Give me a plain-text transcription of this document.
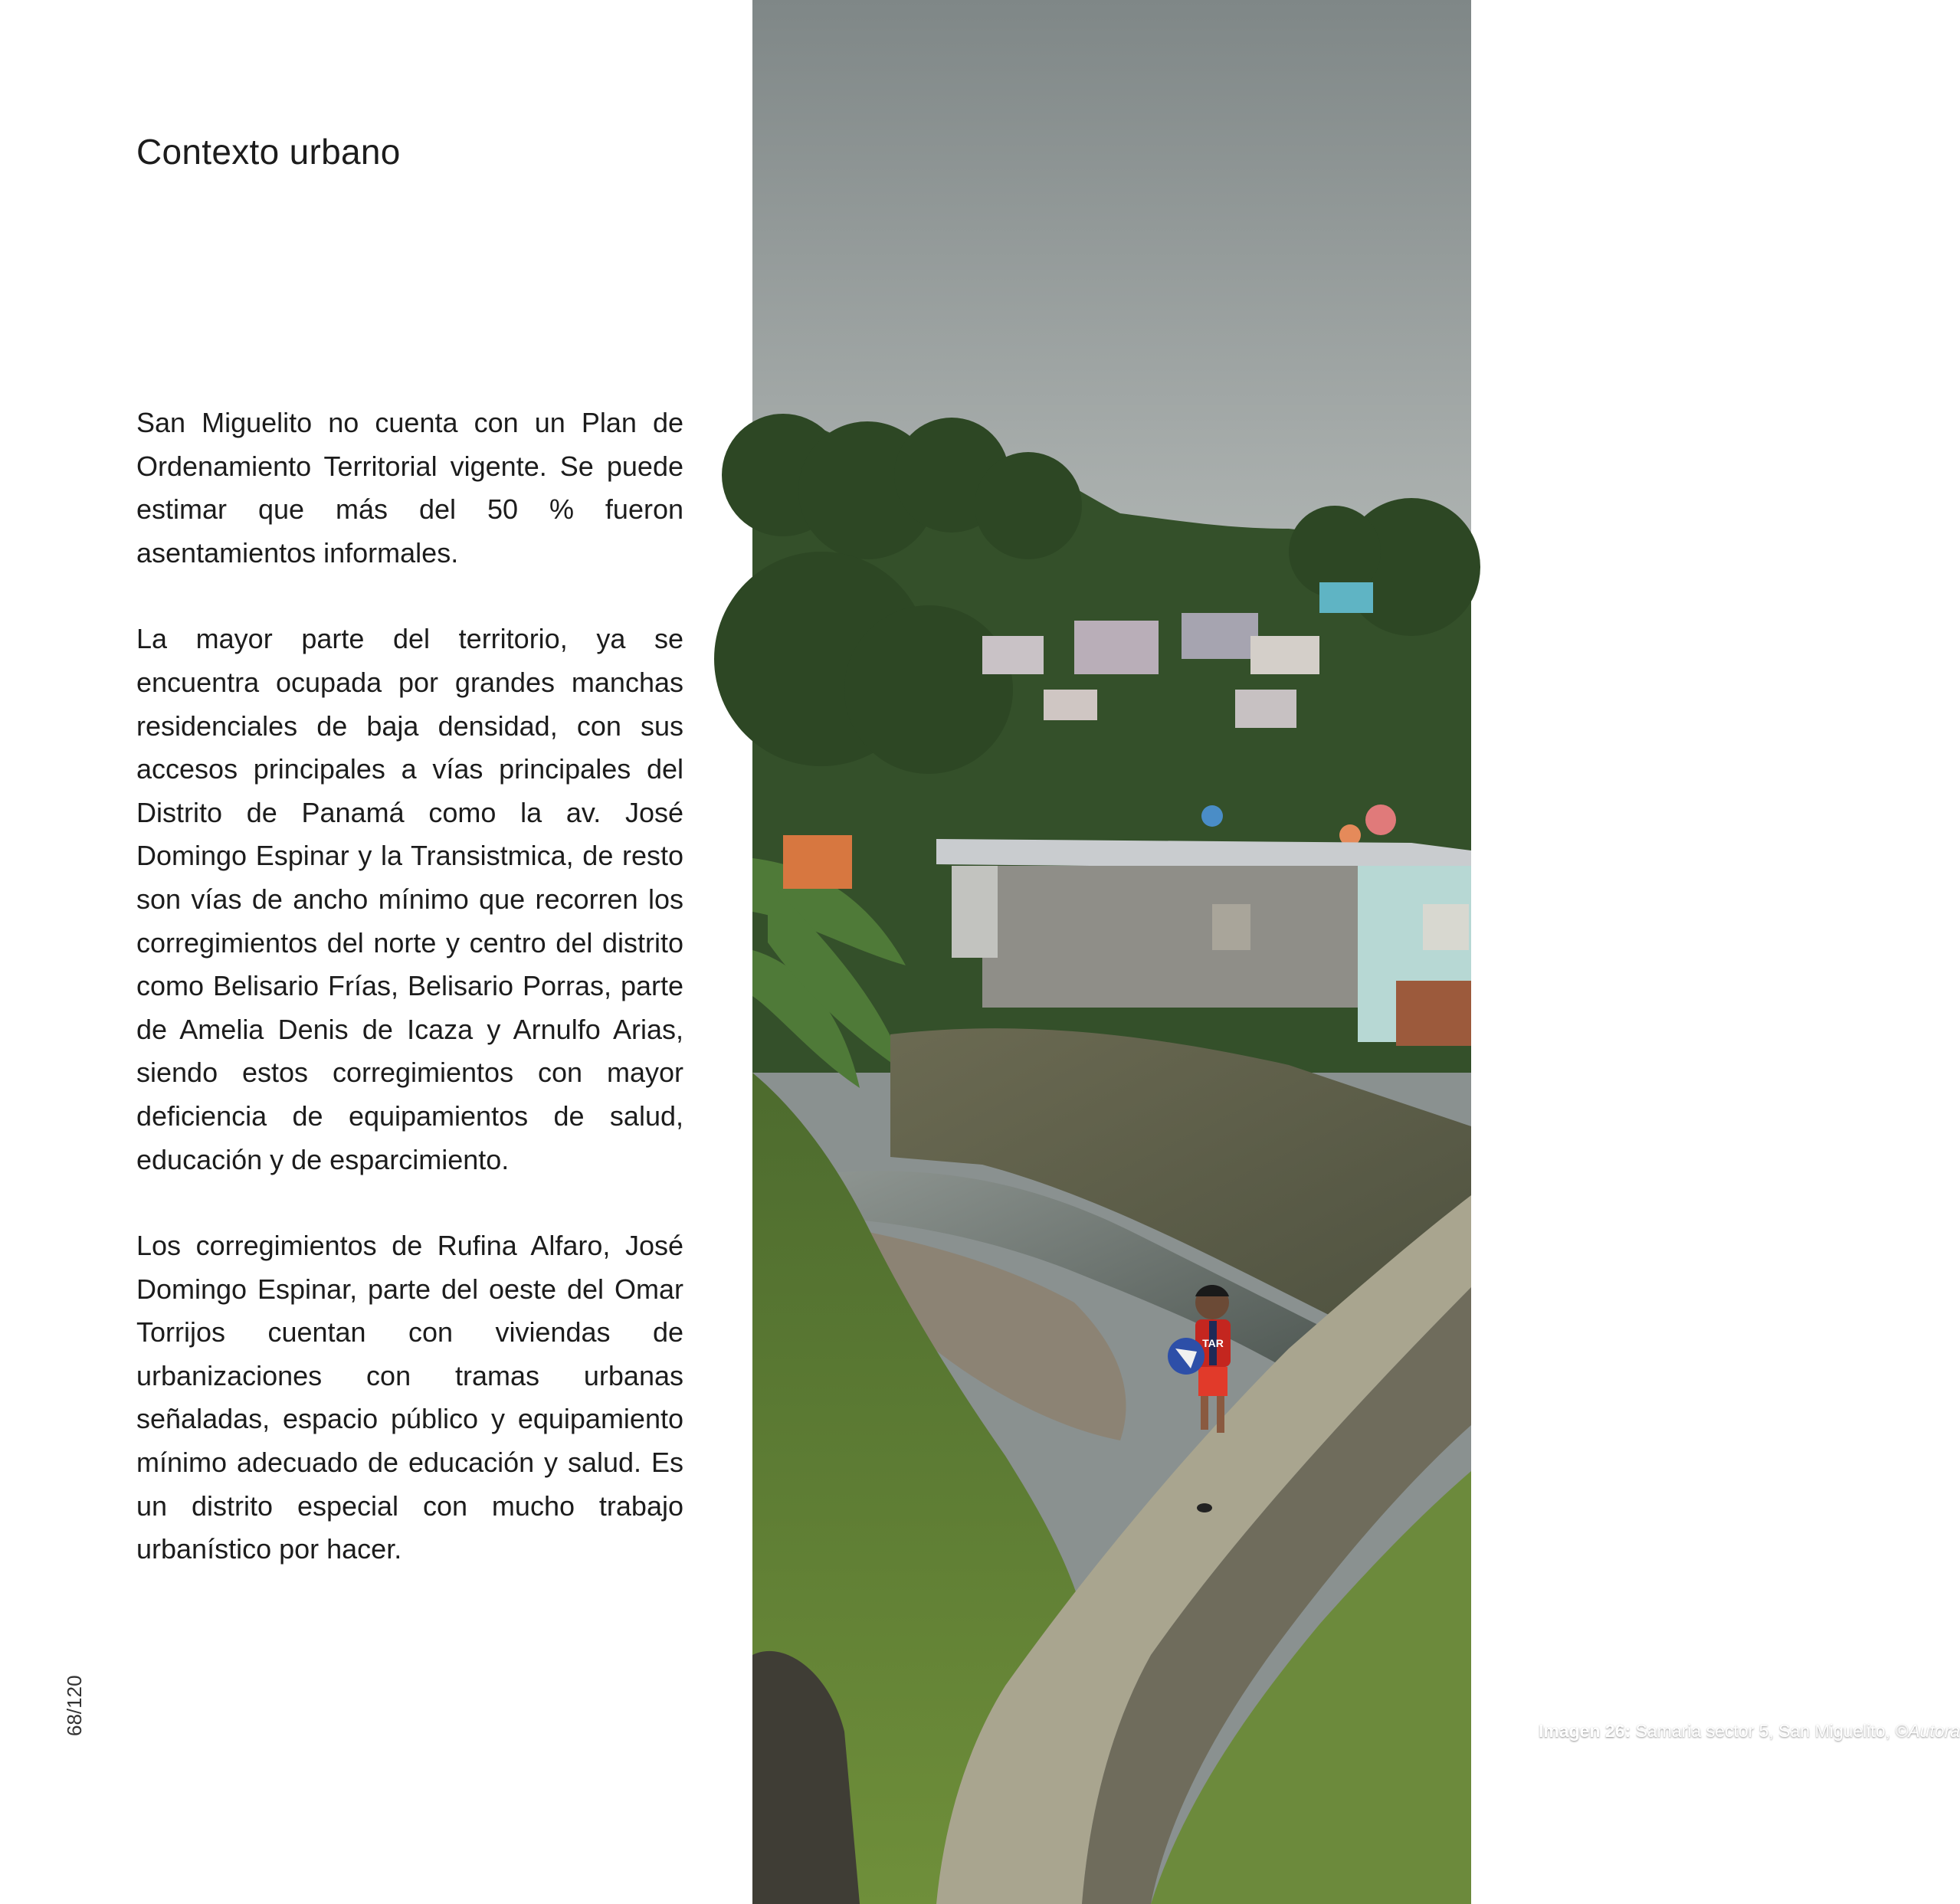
Contexto urbano

San Miguelito no cuenta con un Plan de Ordenamiento Territorial vigente. Se puede estimar que más del 50 % fueron asentamientos informales.

La mayor parte del territorio, ya se encuentra ocupada por grandes manchas residenciales de baja densidad, con sus accesos principales a vías principales del Distrito de Panamá como la av. José Domingo Espinar y la Transistmica, de resto son vías de ancho mínimo que recorren los corregimientos del norte y centro del distrito como Belisario Frías, Belisario Porras, parte de Amelia Denis de Icaza y Arnulfo Arias, siendo estos corregimientos con mayor deficiencia de equipamientos de salud, educación y de esparcimiento.

Los corregimientos de Rufina Alfaro, José Domingo Espinar, parte del oeste del Omar Torrijos cuentan con viviendas de urbanizaciones con tramas urbanas señaladas, espacio público y equipamiento mínimo adecuado de educación y salud. Es un distrito especial con mucho trabajo urbanístico por hacer.

68/120
TAR
Imagen 26: Samaria sector 5, San Miguelito, ©Autora
